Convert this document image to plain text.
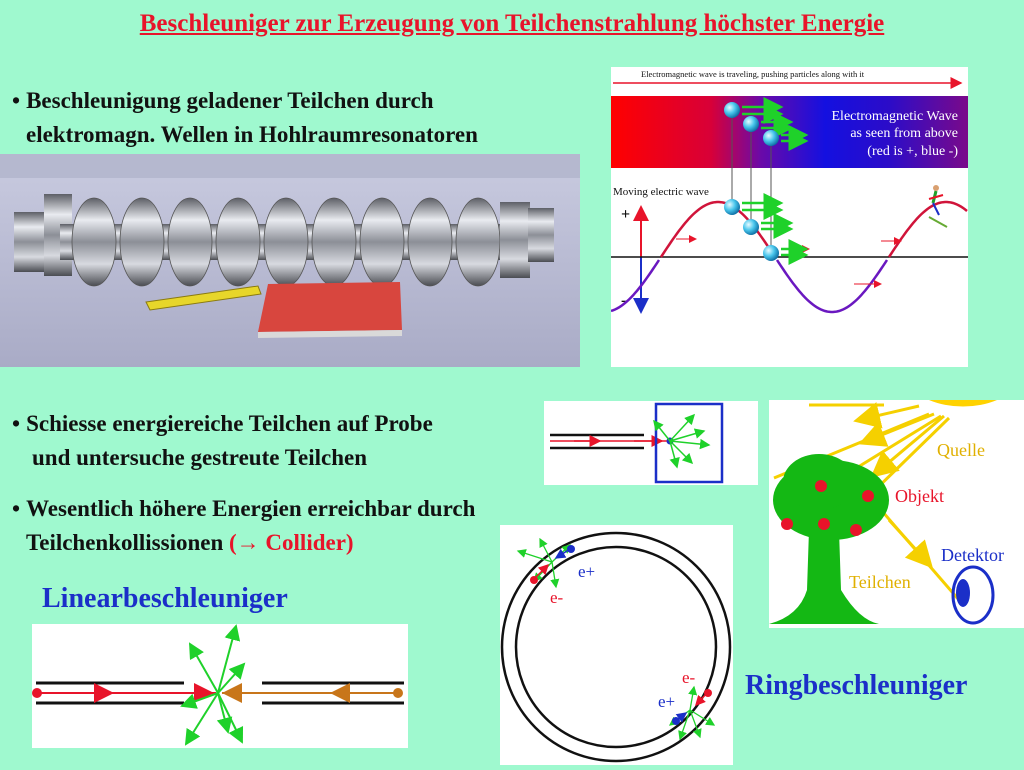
Beschleuniger zur Erzeugung von Teilchenstrahlung höchster Energie
• Beschleunigung geladener Teilchen durch
elektromagn. Wellen in Hohlraumresonatoren
Electromagnetic wave is traveling, pushing particles along with it
Electromagnetic Wave
as seen from above
(red is +, blue -)
Moving electric wave
+
-
• Schiesse energiereiche Teilchen auf Probe
und untersuche gestreute Teilchen	Quelle
Objekt
Detektor
Teilchen
• Wesentlich höhere Energien erreichbar durch
Teilchenkollissionen (→ Collider)
e+
e-
e-
e+
Linearbeschleuniger
Ringbeschleuniger
